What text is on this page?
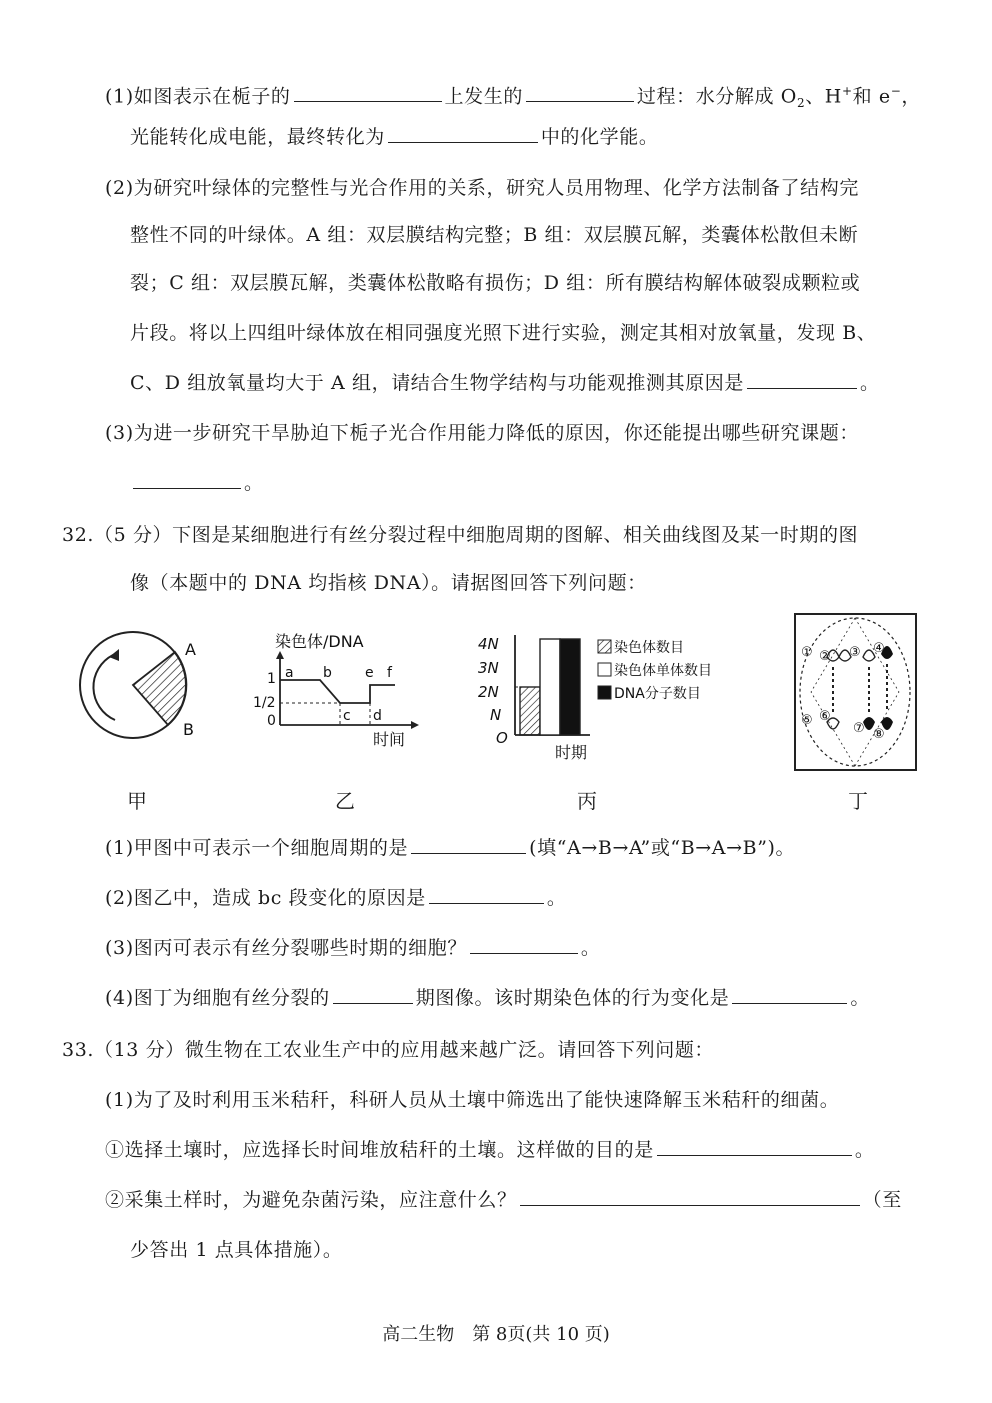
(1)如图表示在栀子的	上发生的	过程：水分解成 $O_2$、H+和 e−，
光能转化成电能，最终转化为	中的化学能。
(2)为研究叶绿体的完整性与光合作用的关系，研究人员用物理、化学方法制备了结构完
整性不同的叶绿体。A 组：双层膜结构完整；B 组：双层膜瓦解，类囊体松散但未断
裂；C 组：双层膜瓦解，类囊体松散略有损伤；D 组：所有膜结构解体破裂成颗粒或
片段。将以上四组叶绿体放在相同强度光照下进行实验，测定其相对放氧量，发现 B、
C、D 组放氧量均大于 A 组，请结合生物学结构与功能观推测其原因是	。
(3)为进一步研究干旱胁迫下栀子光合作用能力降低的原因，你还能提出哪些研究课题：
。
32.（5 分）下图是某细胞进行有丝分裂过程中细胞周期的图解、相关曲线图及某一时期的图
像（本题中的 DNA 均指核 DNA）。请据图回答下列问题：
A
B
染色体/DNA
1
1/2
0
a b
c d
e f
时间
4N
3N
2N
N
O
时期
染色体数目
染色体单体数目
DNA分子数目
① ② ③ ④
⑤ ⑥
⑦ ⑧
甲	乙	丙	丁
(1)甲图中可表示一个细胞周期的是	(填“A→B→A”或“B→A→B”)。
(2)图乙中，造成 bc 段变化的原因是	。
(3)图丙可表示有丝分裂哪些时期的细胞？	。
(4)图丁为细胞有丝分裂的	期图像。该时期染色体的行为变化是	。
33.（13 分）微生物在工农业生产中的应用越来越广泛。请回答下列问题：
(1)为了及时利用玉米秸秆，科研人员从土壤中筛选出了能快速降解玉米秸秆的细菌。
①选择土壤时，应选择长时间堆放秸秆的土壤。这样做的目的是	。
②采集土样时，为避免杂菌污染，应注意什么？	（至
少答出 1 点具体措施）。
高二生物　第 8页(共 10 页)
